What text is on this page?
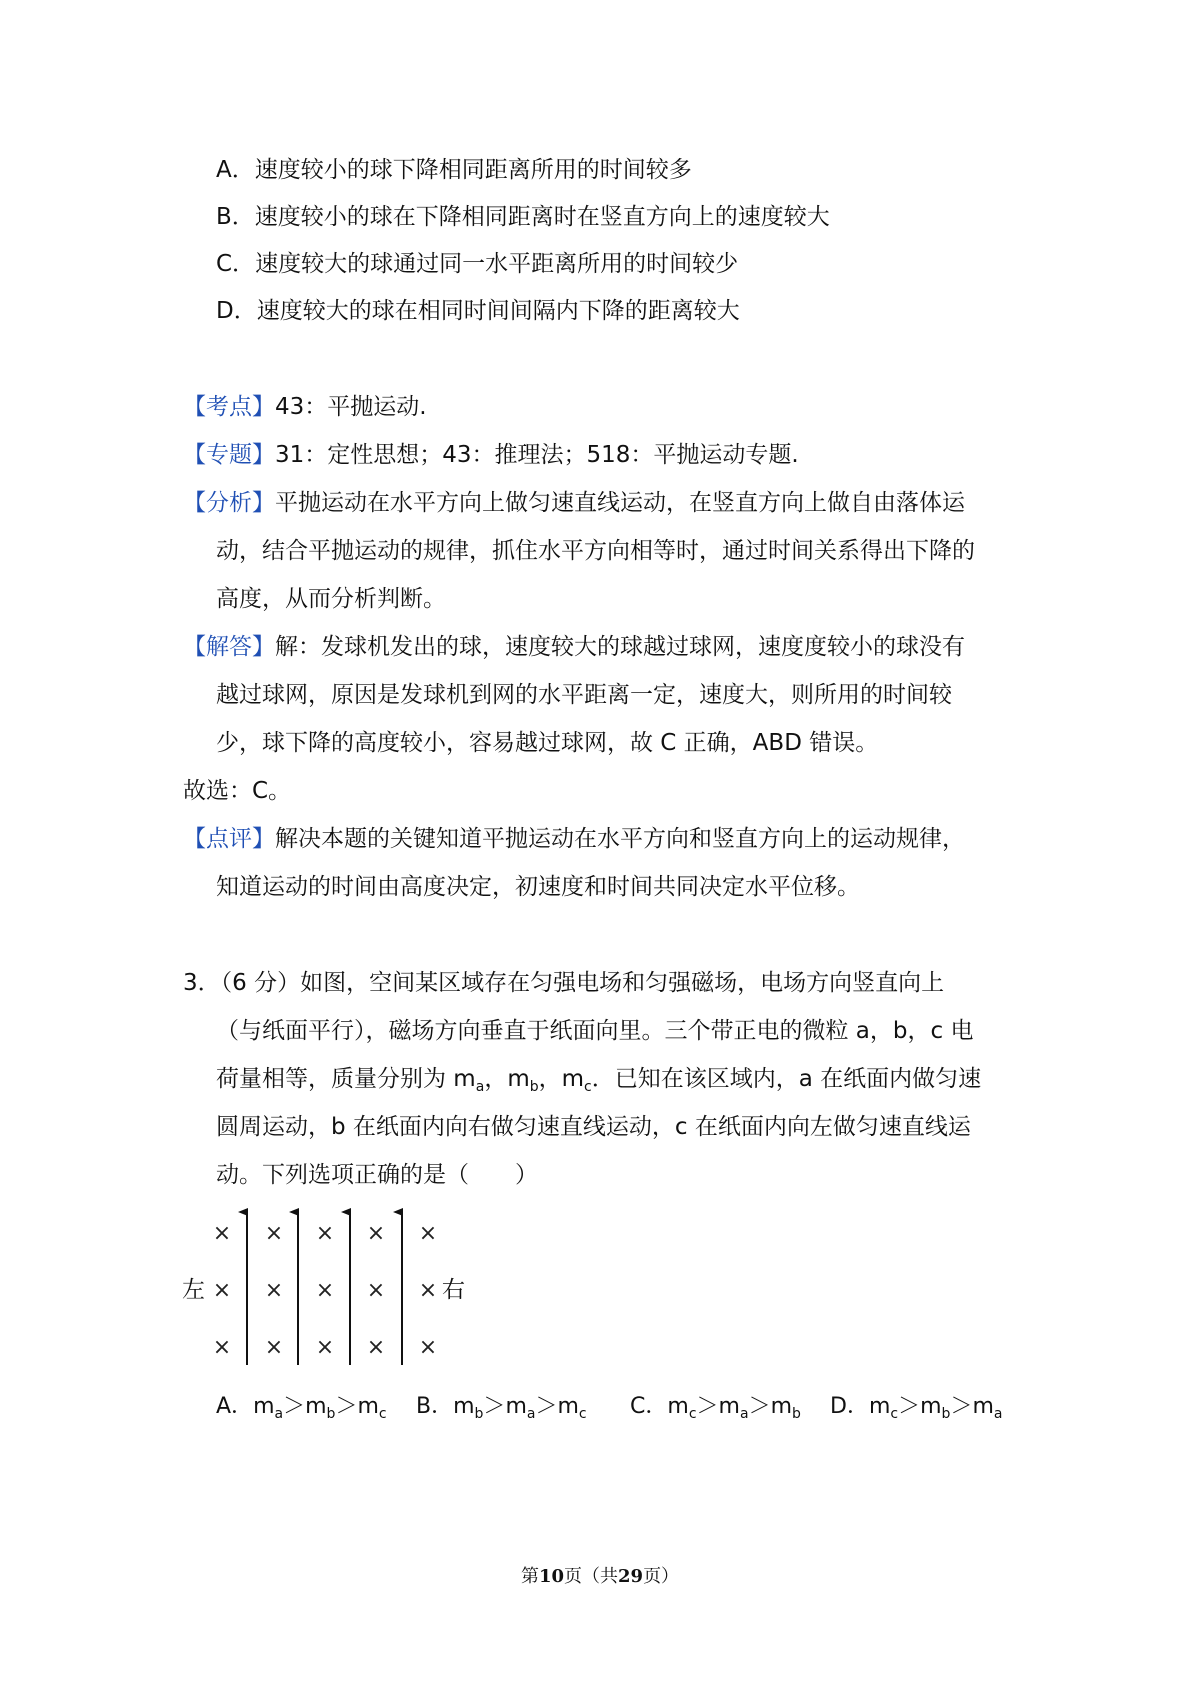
A．速度较小的球下降相同距离所用的时间较多
B．速度较小的球在下降相同距离时在竖直方向上的速度较大
C．速度较大的球通过同一水平距离所用的时间较少
D．速度较大的球在相同时间间隔内下降的距离较大
【考点】43：平抛运动.
【专题】31：定性思想；43：推理法；518：平抛运动专题.
【分析】平抛运动在水平方向上做匀速直线运动，在竖直方向上做自由落体运
动，结合平抛运动的规律，抓住水平方向相等时，通过时间关系得出下降的
高度，从而分析判断。
【解答】解：发球机发出的球，速度较大的球越过球网，速度度较小的球没有
越过球网，原因是发球机到网的水平距离一定，速度大，则所用的时间较
少，球下降的高度较小，容易越过球网，故 C 正确，ABD 错误。
故选：C。
【点评】解决本题的关键知道平抛运动在水平方向和竖直方向上的运动规律，
知道运动的时间由高度决定，初速度和时间共同决定水平位移。
3．（6 分）如图，空间某区域存在匀强电场和匀强磁场，电场方向竖直向上
（与纸面平行），磁场方向垂直于纸面向里。三个带正电的微粒 a，b，c 电
荷量相等，质量分别为 $m_a$，$m_b$，$m_c$．已知在该区域内，a 在纸面内做匀速
圆周运动，b 在纸面内向右做匀速直线运动，c 在纸面内向左做匀速直线运
动。下列选项正确的是（　　）
× × × × ×
× × × × ×
× × × × ×
左	右
A．$m_a>m_b>m_c$ B．$m_b>m_a>m_c$ C．$m_c>m_a>m_b$ D．$m_c>m_b>m_a$
第10页（共29页）
